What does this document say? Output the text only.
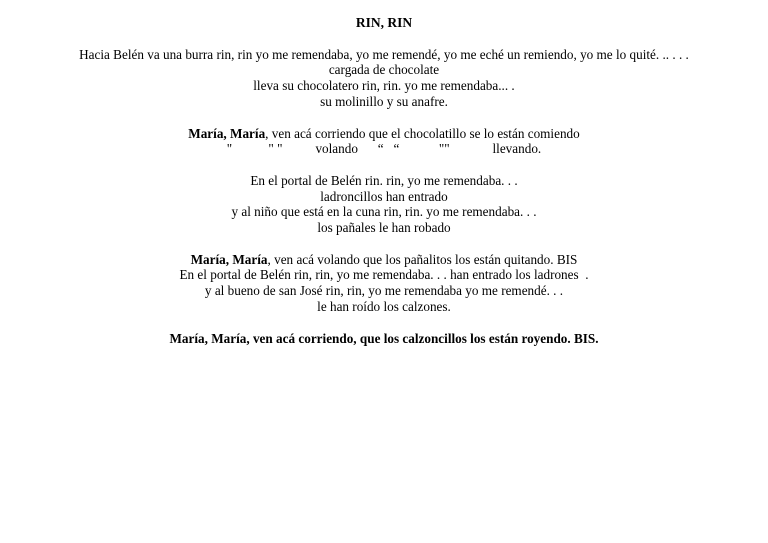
RIN, RIN
Hacia Belén va una burra rin, rin yo me remendaba, yo me remendé, yo me eché un remiendo, yo me lo quité. .. . . .
cargada de chocolate
lleva su chocolatero rin, rin. yo me remendaba... .
su molinillo y su anafre.
María, María, ven acá corriendo que el chocolatillo se lo están comiendo
"           " "          volando      “   “            ""             llevando.
En el portal de Belén rin. rin, yo me remendaba. . .
ladroncillos han entrado
y al niño que está en la cuna rin, rin. yo me remendaba. . .
los pañales le han robado
María, María, ven acá volando que los pañalitos los están quitando. BIS
En el portal de Belén rin, rin, yo me remendaba. . . han entrado los ladrones  .
y al bueno de san José rin, rin, yo me remendaba yo me remendé. . .
le han roído los calzones.
María, María, ven acá corriendo, que los calzoncillos los están royendo. BIS.
